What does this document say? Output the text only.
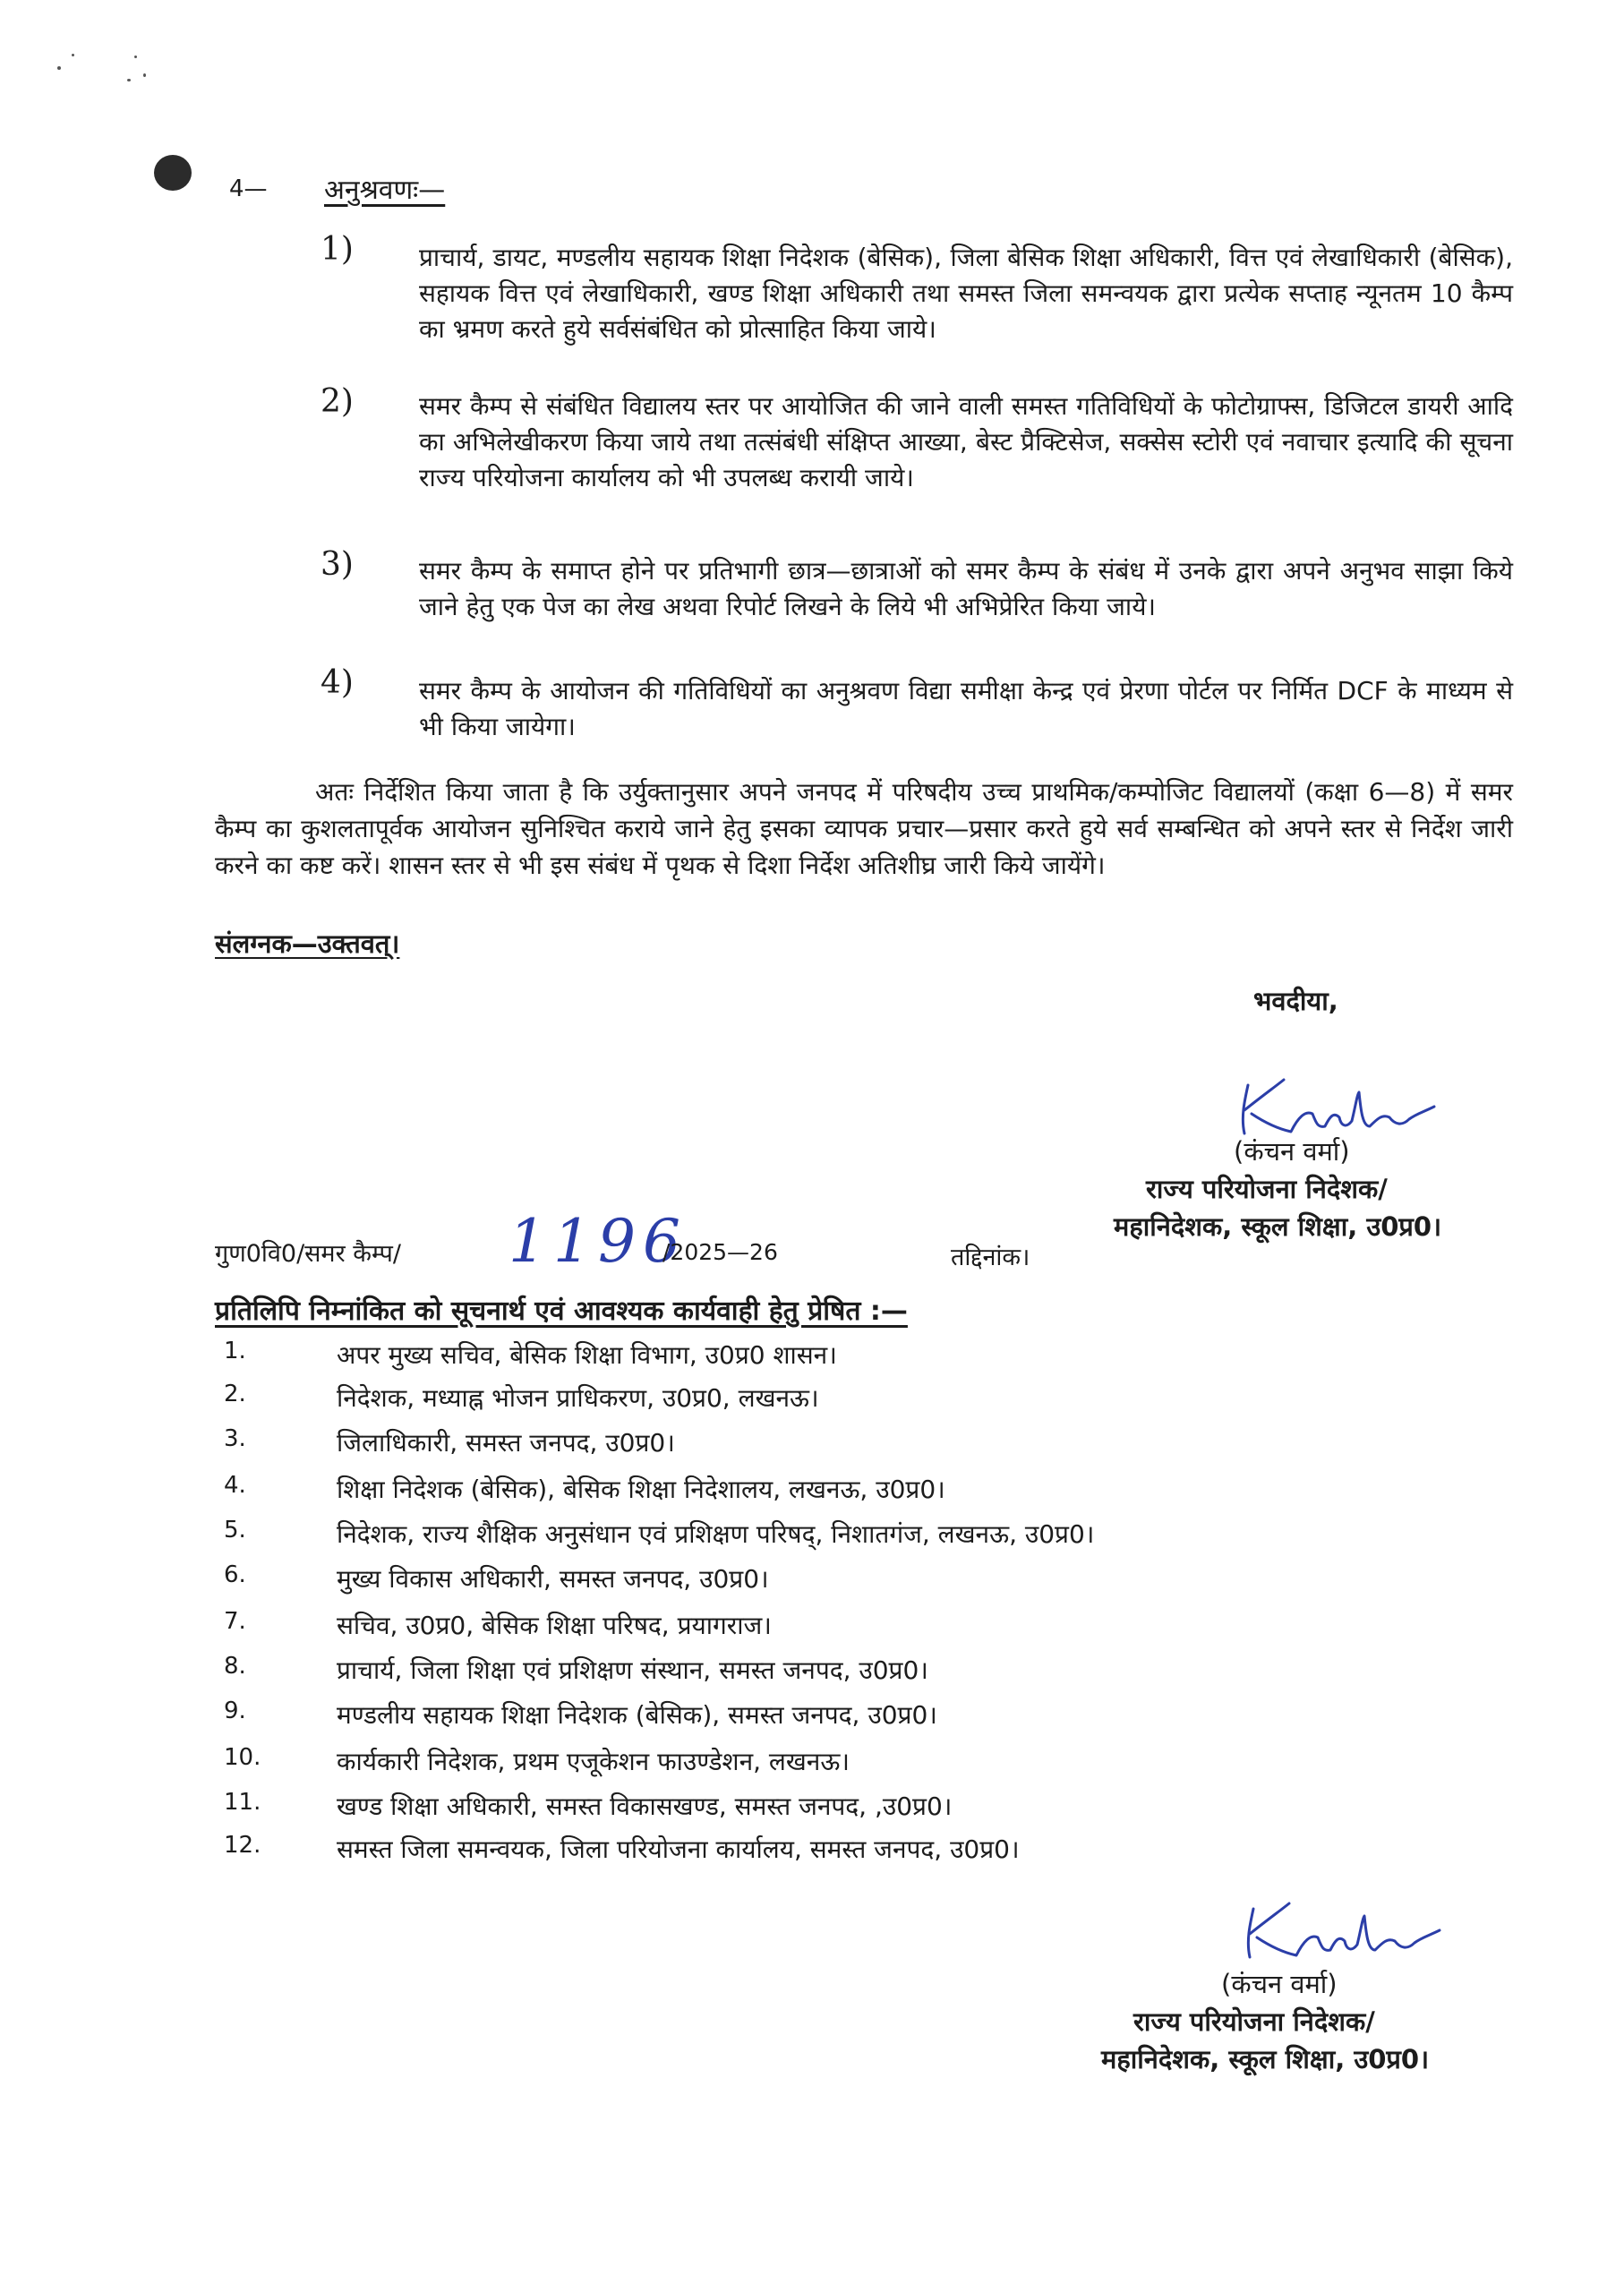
4— अनुश्रवणः—
1)	प्राचार्य, डायट, मण्डलीय सहायक शिक्षा निदेशक (बेसिक), जिला बेसिक शिक्षा अधिकारी, वित्त एवं लेखाधिकारी (बेसिक), सहायक वित्त एवं लेखाधिकारी, खण्ड शिक्षा अधिकारी तथा समस्त जिला समन्वयक द्वारा प्रत्येक सप्ताह न्यूनतम 10 कैम्प का भ्रमण करते हुये सर्वसंबंधित को प्रोत्साहित किया जाये।
2)	समर कैम्प से संबंधित विद्यालय स्तर पर आयोजित की जाने वाली समस्त गतिविधियों के फोटोग्राफ्स, डिजिटल डायरी आदि का अभिलेखीकरण किया जाये तथा तत्संबंधी संक्षिप्त आख्या, बेस्ट प्रैक्टिसेज, सक्सेस स्टोरी एवं नवाचार इत्यादि की सूचना राज्य परियोजना कार्यालय को भी उपलब्ध करायी जाये।
3)	समर कैम्प के समाप्त होने पर प्रतिभागी छात्र—छात्राओं को समर कैम्प के संबंध में उनके द्वारा अपने अनुभव साझा किये जाने हेतु एक पेज का लेख अथवा रिपोर्ट लिखने के लिये भी अभिप्रेरित किया जाये।
4)	समर कैम्प के आयोजन की गतिविधियों का अनुश्रवण विद्या समीक्षा केन्द्र एवं प्रेरणा पोर्टल पर निर्मित DCF के माध्यम से भी किया जायेगा।
अतः निर्देशित किया जाता है कि उर्युक्तानुसार अपने जनपद में परिषदीय उच्च प्राथमिक/कम्पोजिट विद्यालयों (कक्षा 6—8) में समर कैम्प का कुशलतापूर्वक आयोजन सुनिश्चित कराये जाने हेतु इसका व्यापक प्रचार—प्रसार करते हुये सर्व सम्बन्धित को अपने स्तर से निर्देश जारी करने का कष्ट करें। शासन स्तर से भी इस संबंध में पृथक से दिशा निर्देश अतिशीघ्र जारी किये जायेंगे।
संलग्नक—उक्तवत्।
भवदीया,
(कंचन वर्मा)
राज्य परियोजना निदेशक/
महानिदेशक, स्कूल शिक्षा, उ0प्र0।
गुण0वि0/समर कैम्प/ 1196
/2025—26	तद्दिनांक।
प्रतिलिपि निम्नांकित को सूचनार्थ एवं आवश्यक कार्यवाही हेतु प्रेषित :—
1.	अपर मुख्य सचिव, बेसिक शिक्षा विभाग, उ0प्र0 शासन।
2.	निदेशक, मध्याह्न भोजन प्राधिकरण, उ0प्र0, लखनऊ।
3.	जिलाधिकारी, समस्त जनपद, उ0प्र0।
4.	शिक्षा निदेशक (बेसिक), बेसिक शिक्षा निदेशालय, लखनऊ, उ0प्र0।
5.	निदेशक, राज्य शैक्षिक अनुसंधान एवं प्रशिक्षण परिषद्, निशातगंज, लखनऊ, उ0प्र0।
6.	मुख्य विकास अधिकारी, समस्त जनपद, उ0प्र0।
7.	सचिव, उ0प्र0, बेसिक शिक्षा परिषद, प्रयागराज।
8.	प्राचार्य, जिला शिक्षा एवं प्रशिक्षण संस्थान, समस्त जनपद, उ0प्र0।
9.	मण्डलीय सहायक शिक्षा निदेशक (बेसिक), समस्त जनपद, उ0प्र0।
10.	कार्यकारी निदेशक, प्रथम एजूकेशन फाउण्डेशन, लखनऊ।
11.	खण्ड शिक्षा अधिकारी, समस्त विकासखण्ड, समस्त जनपद, ,उ0प्र0।
12.	समस्त जिला समन्वयक, जिला परियोजना कार्यालय, समस्त जनपद, उ0प्र0।
(कंचन वर्मा)
राज्य परियोजना निदेशक/
महानिदेशक, स्कूल शिक्षा, उ0प्र0।
